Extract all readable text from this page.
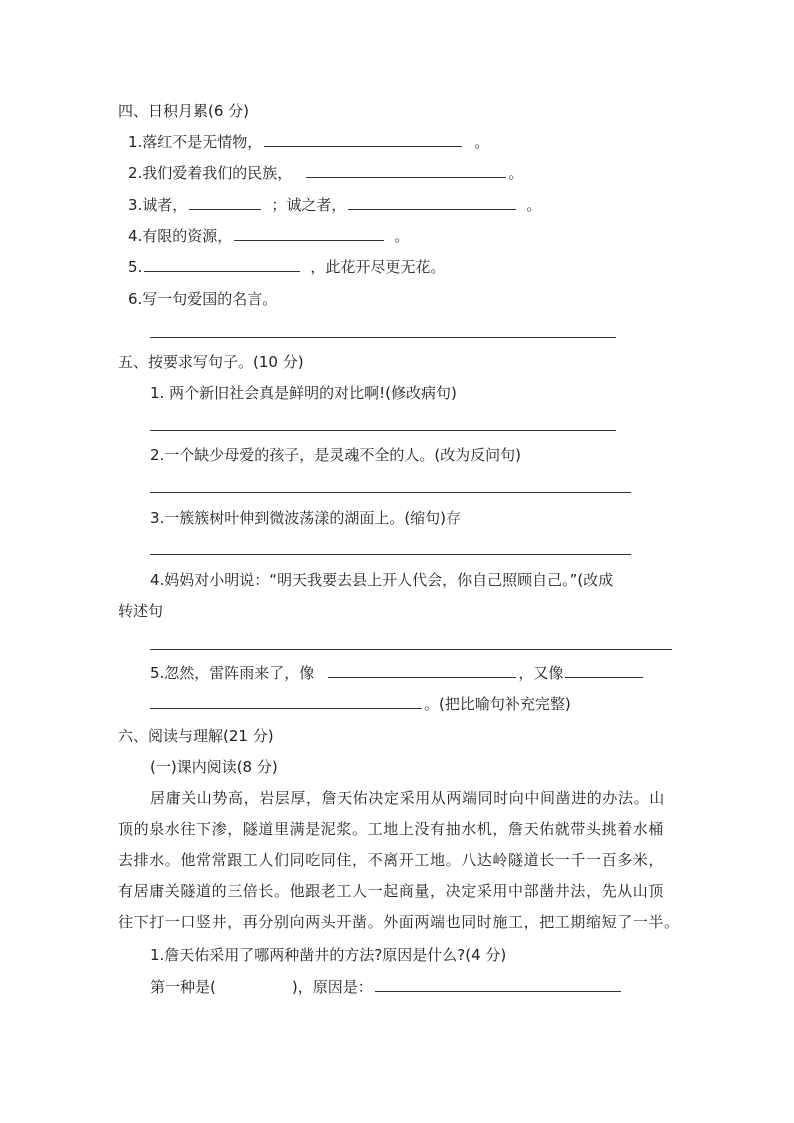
四、日积月累(6 分)
1.落红不是无情物，	。
2.我们爱着我们的民族，	。
3.诚者，	；诚之者，	。
4.有限的资源，	。
5.	，此花开尽更无花。
6.写一句爱国的名言。
五、按要求写句子。(10 分)
1. 两个新旧社会真是鲜明的对比啊!(修改病句)
2.一个缺少母爱的孩子，是灵魂不全的人。(改为反问句)
3.一簇簇树叶伸到微波荡漾的湖面上。(缩句)存
4.妈妈对小明说：“明天我要去县上开人代会，你自己照顾自己。”(改成
转述句
5.忽然，雷阵雨来了，像	，又像
。(把比喻句补充完整)
六、阅读与理解(21 分)
(一)课内阅读(8 分)
居庸关山势高，岩层厚，詹天佑决定采用从两端同时向中间凿进的办法。山
顶的泉水往下渗，隧道里满是泥浆。工地上没有抽水机，詹天佑就带头挑着水桶
去排水。他常常跟工人们同吃同住，不离开工地。八达岭隧道长一千一百多米，
有居庸关隧道的三倍长。他跟老工人一起商量，决定采用中部凿井法，先从山顶
往下打一口竖井，再分别向两头开凿。外面两端也同时施工，把工期缩短了一半。
1.詹天佑采用了哪两种凿井的方法?原因是什么?(4 分)
第一种是(	)，原因是：
